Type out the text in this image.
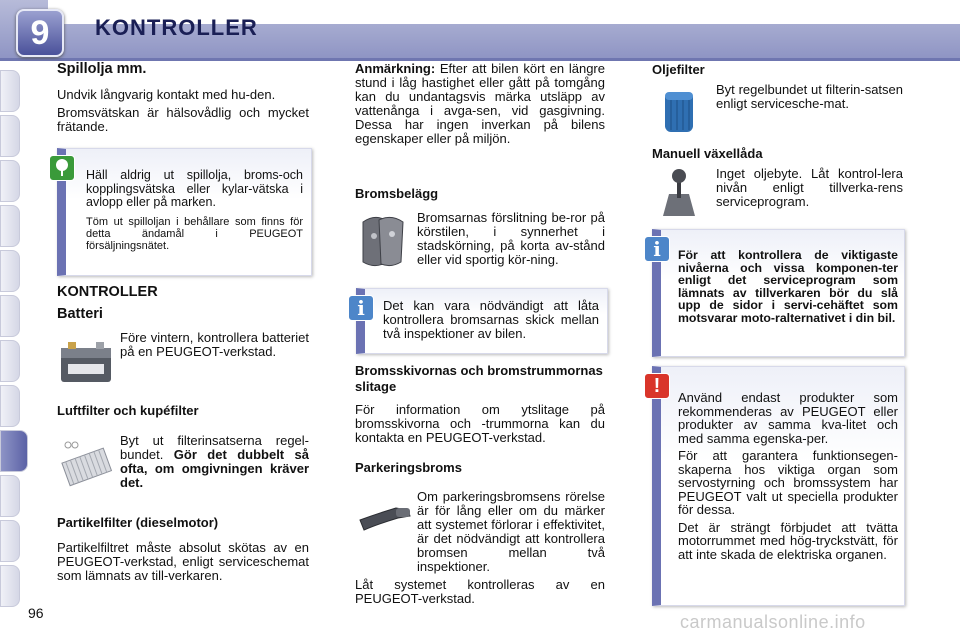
9	KONTROLLER
Spillolja mm.

Undvik långvarig kontakt med hu-den.

Bromsvätskan är hälsovådlig och mycket frätande.

Häll aldrig ut spillolja, broms-och kopplingsvätska eller kylar-vätska i avlopp eller på marken.

Töm ut spilloljan i behållare som finns för detta ändamål i PEUGEOT försäljningsnätet.

KONTROLLER
Batteri
Före vintern, kontrollera batteriet på en PEUGEOT-verkstad.
Luftfilter och kupéfilter

Byt ut filterinsatserna regel-bundet. Gör det dubbelt så ofta, om omgivningen kräver det.

Partikelfilter (dieselmotor)
Partikelfiltret måste absolut skötas av en PEUGEOT-verkstad, enligt serviceschemat som lämnats av till-verkaren.
Anmärkning: Efter att bilen kört en längre stund i låg hastighet eller gått på tomgång kan du undantagsvis märka utsläpp av vattenånga i avga-sen, vid gasgivning. Dessa har ingen inverkan på bilens egenskaper eller på miljön.
Bromsbelägg
Bromsarnas förslitning be-ror på körstilen, i synnerhet i stadskörning, på korta av-stånd eller vid sportig kör-ning.
i	Det kan vara nödvändigt att låta kontrollera bromsarnas skick mellan två inspektioner av bilen.

Bromsskivornas och bromstrummornas slitage
För information om ytslitage på bromsskivorna och -trummorna kan du kontakta en PEUGEOT-verkstad.
Parkeringsbroms

Om parkeringsbromsens rörelse är för lång eller om du märker att systemet förlorar i effektivitet, är det nödvändigt att kontrollera bromsen mellan två inspektioner.

Låt systemet kontrolleras av en PEUGEOT-verkstad.

Oljefilter
Byt regelbundet ut filterin-satsen enligt servicesche-mat.
Manuell växellåda
Inget oljebyte. Låt kontrol-lera nivån enligt tillverka-rens serviceprogram.
i	För att kontrollera de viktigaste nivåerna och vissa komponen-ter enligt det serviceprogram som lämnats av tillverkaren bör du slå upp de sidor i servi-cehäftet som motsvarar moto-ralternativet i din bil.

!

Använd endast produkter som rekommenderas av PEUGEOT eller produkter av samma kva-litet och med samma egenska-per.

För att garantera funktionsegen-skaperna hos viktiga organ som servostyrning och bromssystem har PEUGEOT valt ut speciella produkter för dessa.

Det är strängt förbjudet att tvätta motorrummet med hög-tryckstvätt, för att inte skada de elektriska organen.

96	carmanualsonline.info
